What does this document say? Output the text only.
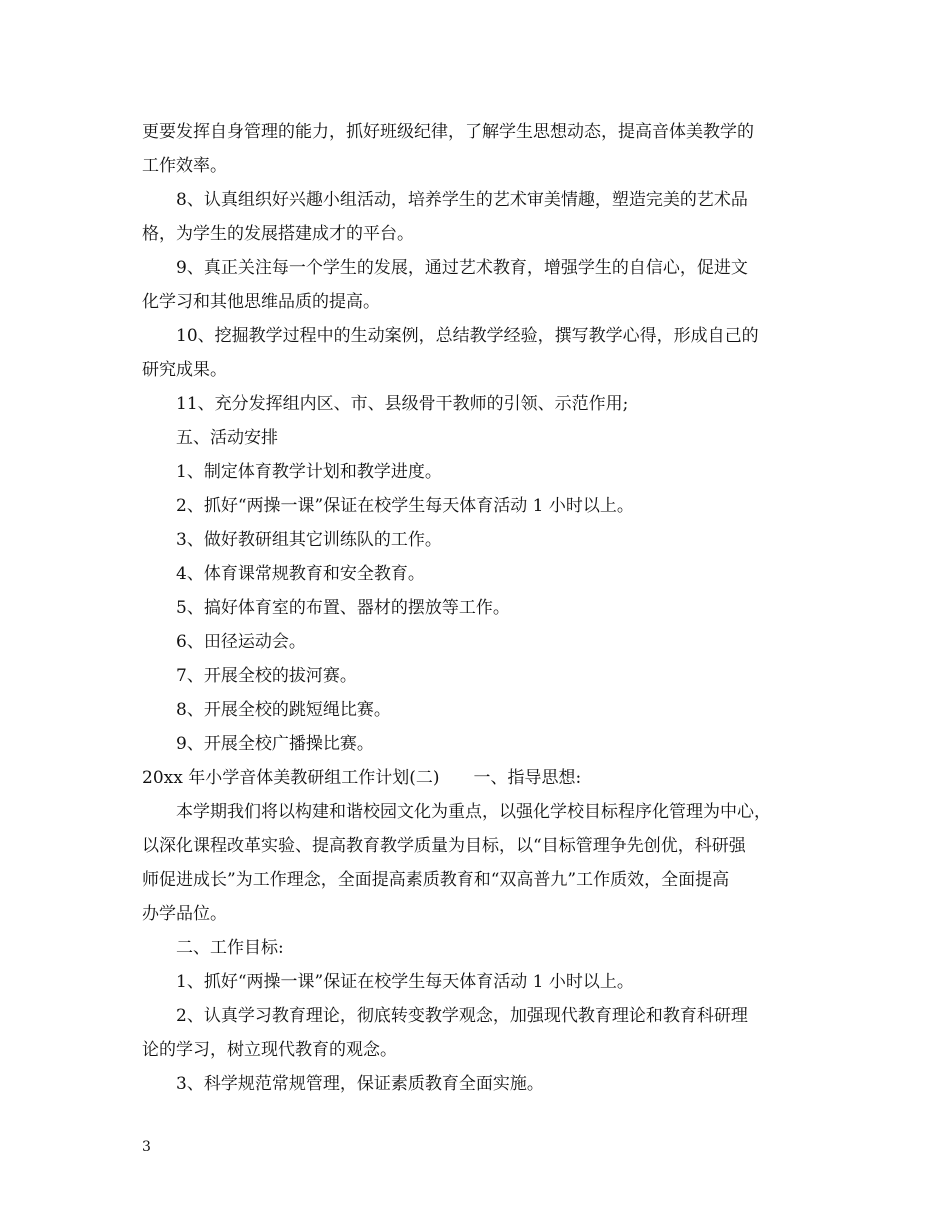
更要发挥自身管理的能力，抓好班级纪律，了解学生思想动态，提高音体美教学的
工作效率。
8、认真组织好兴趣小组活动，培养学生的艺术审美情趣，塑造完美的艺术品
格，为学生的发展搭建成才的平台。
9、真正关注每一个学生的发展，通过艺术教育，增强学生的自信心，促进文
化学习和其他思维品质的提高。
10、挖掘教学过程中的生动案例，总结教学经验，撰写教学心得，形成自己的
研究成果。
11、充分发挥组内区、市、县级骨干教师的引领、示范作用;
五、活动安排
1、制定体育教学计划和教学进度。
2、抓好“两操一课”保证在校学生每天体育活动 1 小时以上。
3、做好教研组其它训练队的工作。
4、体育课常规教育和安全教育。
5、搞好体育室的布置、器材的摆放等工作。
6、田径运动会。
7、开展全校的拔河赛。
8、开展全校的跳短绳比赛。
9、开展全校广播操比赛。
20xx 年小学音体美教研组工作计划(二)　　一、指导思想:
本学期我们将以构建和谐校园文化为重点，以强化学校目标程序化管理为中心，
以深化课程改革实验、提高教育教学质量为目标，以“目标管理争先创优，科研强
师促进成长”为工作理念，全面提高素质教育和“双高普九”工作质效，全面提高
办学品位。
二、工作目标:
1、抓好“两操一课”保证在校学生每天体育活动 1 小时以上。
2、认真学习教育理论，彻底转变教学观念，加强现代教育理论和教育科研理
论的学习，树立现代教育的观念。
3、科学规范常规管理，保证素质教育全面实施。
3
